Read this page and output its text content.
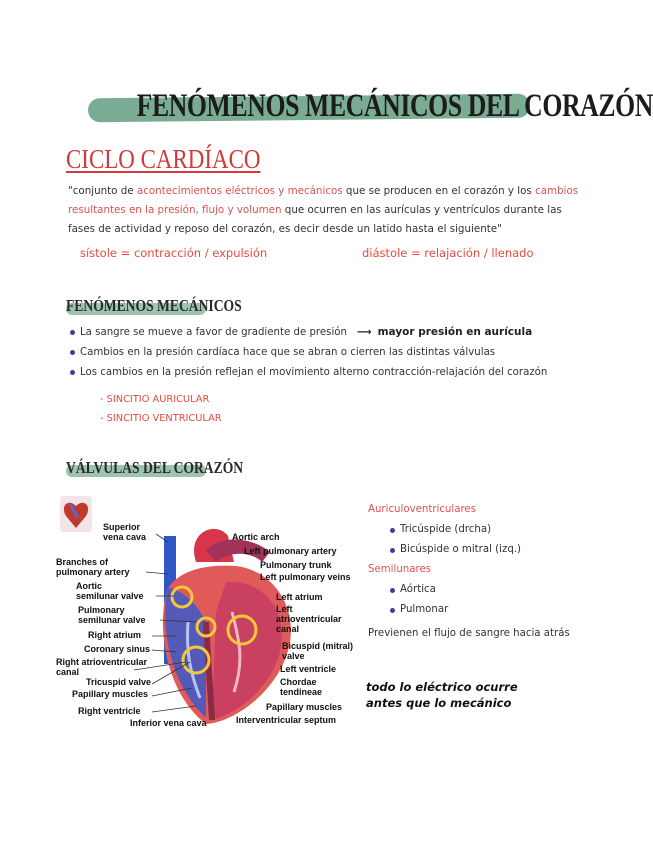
FENÓMENOS MECÁNICOS DEL CORAZÓN
CICLO CARDÍACO
"conjunto de acontecimientos eléctricos y mecánicos que se producen en el corazón y los cambios resultantes en la presión, flujo y volumen que ocurren en las aurículas y ventrículos durante las fases de actividad y reposo del corazón, es decir desde un latido hasta el siguiente"
sístole = contracción / expulsión	diástole = relajación / llenado
FENÓMENOS MECÁNICOS
La sangre se mueve a favor de gradiente de presión ⟶ mayor presión en aurícula
Cambios en la presión cardíaca hace que se abran o cierren las distintas válvulas
Los cambios en la presión reflejan el movimiento alterno contracción-relajación del corazón
- SINCITIO AURICULAR
- SINCITIO VENTRICULAR
VÁLVULAS DEL CORAZÓN
Superior
vena cava
Branches of
pulmonary artery
Aortic
semilunar valve
Pulmonary
semilunar valve
Right atrium
Coronary sinus
Right atrioventricular
canal
Tricuspid valve
Papillary muscles
Right ventricle
Inferior vena cava
Aortic arch
Left pulmonary artery
Pulmonary trunk
Left pulmonary veins
Left atrium
Left
atrioventricular
canal
Bicuspid (mitral)
valve
Left ventricle
Chordae
tendineae
Papillary muscles
Interventricular septum
Auriculoventriculares
Tricúspide (drcha)
Bicúspide o mitral (izq.)
Semilunares
Aórtica
Pulmonar
Previenen el flujo de sangre hacia atrás
todo lo eléctrico ocurre
antes que lo mecánico
